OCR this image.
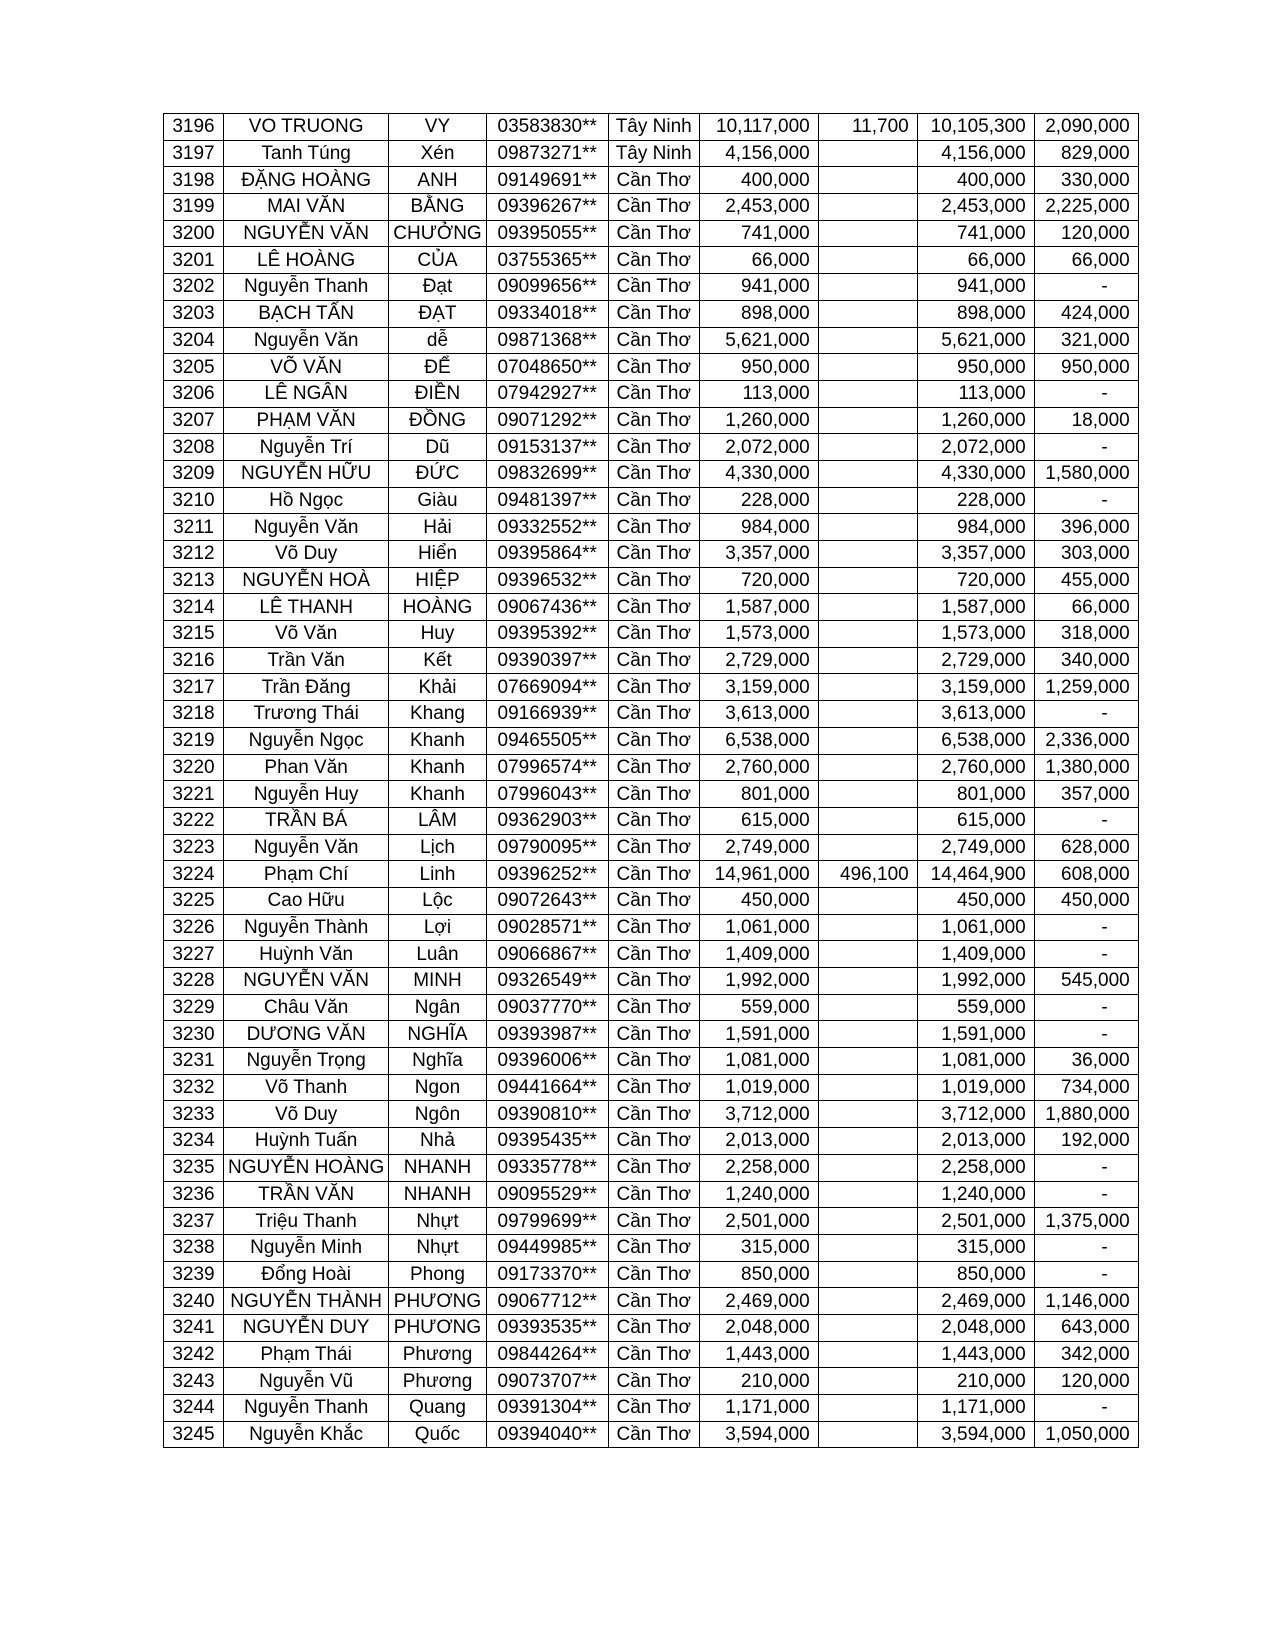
3196	VO TRUONG	VY	03583830**	Tây Ninh	10,117,000	11,700	10,105,300	2,090,000
3197	Tanh Túng	Xén	09873271**	Tây Ninh	4,156,000		4,156,000	829,000
3198	ĐẶNG HOÀNG	ANH	09149691**	Cần Thơ	400,000		400,000	330,000
3199	MAI VĂN	BẰNG	09396267**	Cần Thơ	2,453,000		2,453,000	2,225,000
3200	NGUYỄN VĂN	CHƯỞNG	09395055**	Cần Thơ	741,000		741,000	120,000
3201	LÊ HOÀNG	CỦA	03755365**	Cần Thơ	66,000		66,000	66,000
3202	Nguyễn Thanh	Đạt	09099656**	Cần Thơ	941,000		941,000	-
3203	BẠCH TẤN	ĐẠT	09334018**	Cần Thơ	898,000		898,000	424,000
3204	Nguyễn Văn	dễ	09871368**	Cần Thơ	5,621,000		5,621,000	321,000
3205	VÕ VĂN	ĐỂ	07048650**	Cần Thơ	950,000		950,000	950,000
3206	LÊ NGÂN	ĐIỀN	07942927**	Cần Thơ	113,000		113,000	-
3207	PHẠM VĂN	ĐỒNG	09071292**	Cần Thơ	1,260,000		1,260,000	18,000
3208	Nguyễn Trí	Dũ	09153137**	Cần Thơ	2,072,000		2,072,000	-
3209	NGUYỄN HỮU	ĐỨC	09832699**	Cần Thơ	4,330,000		4,330,000	1,580,000
3210	Hồ Ngọc	Giàu	09481397**	Cần Thơ	228,000		228,000	-
3211	Nguyễn Văn	Hải	09332552**	Cần Thơ	984,000		984,000	396,000
3212	Võ Duy	Hiển	09395864**	Cần Thơ	3,357,000		3,357,000	303,000
3213	NGUYỄN HOÀ	HIỆP	09396532**	Cần Thơ	720,000		720,000	455,000
3214	LÊ THANH	HOÀNG	09067436**	Cần Thơ	1,587,000		1,587,000	66,000
3215	Võ Văn	Huy	09395392**	Cần Thơ	1,573,000		1,573,000	318,000
3216	Trần Văn	Kết	09390397**	Cần Thơ	2,729,000		2,729,000	340,000
3217	Trần Đăng	Khải	07669094**	Cần Thơ	3,159,000		3,159,000	1,259,000
3218	Trương Thái	Khang	09166939**	Cần Thơ	3,613,000		3,613,000	-
3219	Nguyễn Ngọc	Khanh	09465505**	Cần Thơ	6,538,000		6,538,000	2,336,000
3220	Phan Văn	Khanh	07996574**	Cần Thơ	2,760,000		2,760,000	1,380,000
3221	Nguyễn Huy	Khanh	07996043**	Cần Thơ	801,000		801,000	357,000
3222	TRẦN BÁ	LÂM	09362903**	Cần Thơ	615,000		615,000	-
3223	Nguyễn Văn	Lịch	09790095**	Cần Thơ	2,749,000		2,749,000	628,000
3224	Phạm Chí	Linh	09396252**	Cần Thơ	14,961,000	496,100	14,464,900	608,000
3225	Cao Hữu	Lộc	09072643**	Cần Thơ	450,000		450,000	450,000
3226	Nguyễn Thành	Lợi	09028571**	Cần Thơ	1,061,000		1,061,000	-
3227	Huỳnh Văn	Luân	09066867**	Cần Thơ	1,409,000		1,409,000	-
3228	NGUYỄN VĂN	MINH	09326549**	Cần Thơ	1,992,000		1,992,000	545,000
3229	Châu Văn	Ngân	09037770**	Cần Thơ	559,000		559,000	-
3230	DƯƠNG VĂN	NGHĨA	09393987**	Cần Thơ	1,591,000		1,591,000	-
3231	Nguyễn Trọng	Nghĩa	09396006**	Cần Thơ	1,081,000		1,081,000	36,000
3232	Võ Thanh	Ngon	09441664**	Cần Thơ	1,019,000		1,019,000	734,000
3233	Võ Duy	Ngôn	09390810**	Cần Thơ	3,712,000		3,712,000	1,880,000
3234	Huỳnh Tuấn	Nhả	09395435**	Cần Thơ	2,013,000		2,013,000	192,000
3235	NGUYỄN HOÀNG	NHANH	09335778**	Cần Thơ	2,258,000		2,258,000	-
3236	TRẦN VĂN	NHANH	09095529**	Cần Thơ	1,240,000		1,240,000	-
3237	Triệu Thanh	Nhựt	09799699**	Cần Thơ	2,501,000		2,501,000	1,375,000
3238	Nguyễn Minh	Nhựt	09449985**	Cần Thơ	315,000		315,000	-
3239	Đổng Hoài	Phong	09173370**	Cần Thơ	850,000		850,000	-
3240	NGUYỄN THÀNH	PHƯƠNG	09067712**	Cần Thơ	2,469,000		2,469,000	1,146,000
3241	NGUYỄN DUY	PHƯƠNG	09393535**	Cần Thơ	2,048,000		2,048,000	643,000
3242	Phạm Thái	Phương	09844264**	Cần Thơ	1,443,000		1,443,000	342,000
3243	Nguyễn Vũ	Phương	09073707**	Cần Thơ	210,000		210,000	120,000
3244	Nguyễn Thanh	Quang	09391304**	Cần Thơ	1,171,000		1,171,000	-
3245	Nguyễn Khắc	Quốc	09394040**	Cần Thơ	3,594,000		3,594,000	1,050,000
